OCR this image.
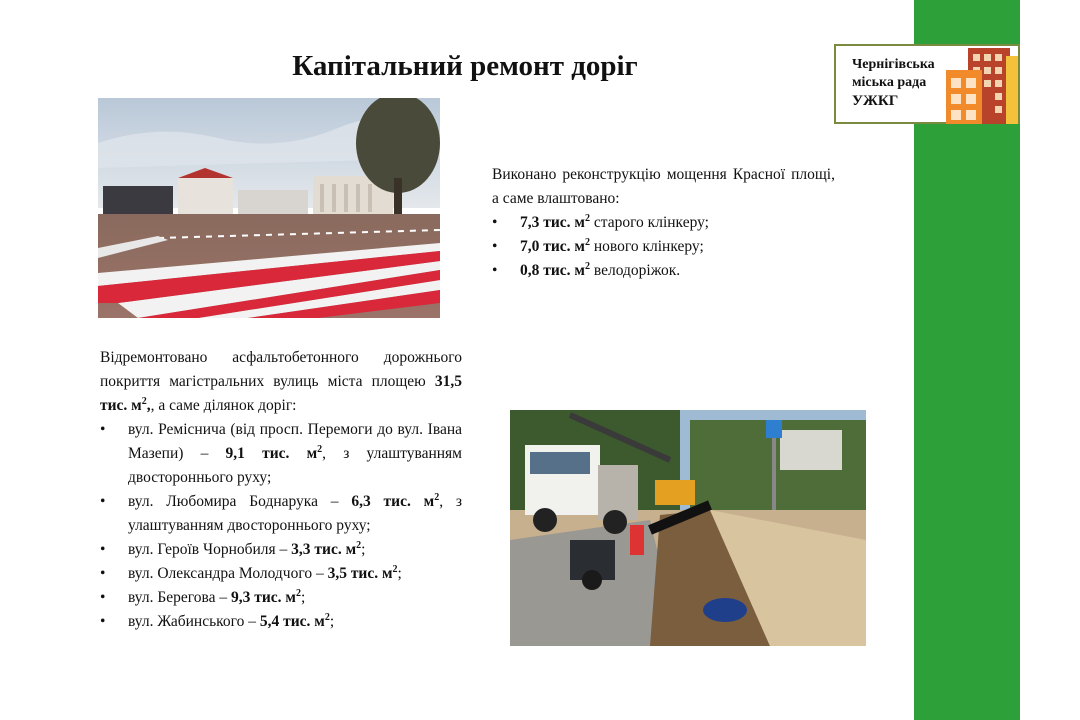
Капітальний ремонт доріг	Чернігівська
міська рада
УЖКГ
Виконано реконструкцію мощення Красної площі, а саме влаштовано:
• 7,3 тис. $м^2$ старого клінкеру;
• 7,0 тис. $м^2$ нового клінкеру;
• 0,8 тис. $м^2$ велодоріжок.
Відремонтовано асфальтобетонного дорожнього покриття магістральних вулиць міста площею 31,5 тис. $м^2$,, а саме ділянок доріг:
• вул. Реміснича (від просп. Перемоги до вул. Івана Мазепи) – 9,1 тис. $м^2$, з улаштуванням двостороннього руху;
• вул. Любомира Боднарука – 6,3 тис. $м^2$, з улаштуванням двостороннього руху;
• вул. Героїв Чорнобиля – 3,3 тис. $м^2$;
• вул. Олександра Молодчого – 3,5 тис. $м^2$;
• вул. Берегова – 9,3 тис. $м^2$;
• вул. Жабинського – 5,4 тис. $м^2$;
